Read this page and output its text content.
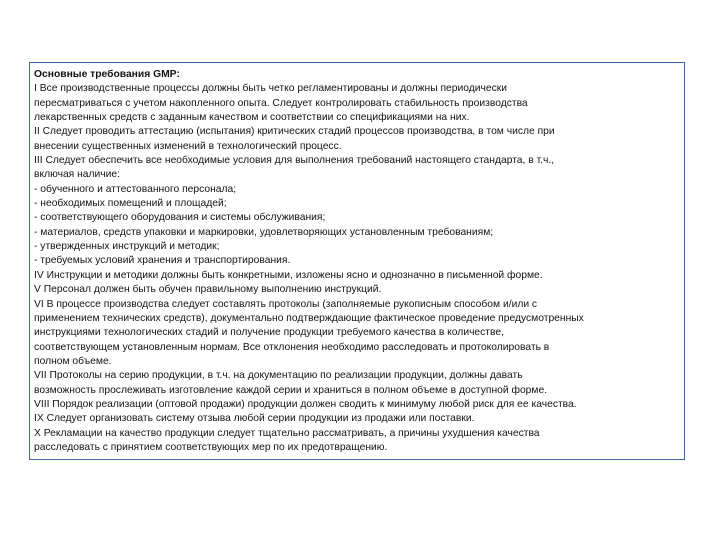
Основные требования GMP:
I Все производственные процессы должны быть четко регламентированы и должны периодически
пересматриваться с учетом накопленного опыта. Следует контролировать стабильность производства
лекарственных средств с заданным качеством и соответствии со спецификациями на них.
II Следует проводить аттестацию (испытания) критических стадий процессов производства, в том числе при
внесении существенных изменений в технологический процесс.
III Следует обеспечить все необходимые условия для выполнения требований настоящего стандарта, в т.ч.,
включая наличие:
- обученного и аттестованного персонала;
- необходимых помещений и площадей;
- соответствующего оборудования и системы обслуживания;
- материалов, средств упаковки и маркировки, удовлетворяющих установленным требованиям;
- утвержденных инструкций и методик;
- требуемых условий хранения и транспортирования.
IV Инструкции и методики должны быть конкретными, изложены ясно и однозначно в письменной форме.
V Персонал должен быть обучен правильному выполнению инструкций.
VI В процессе производства следует составлять протоколы (заполняемые рукописным способом и/или с
применением технических средств), документально подтверждающие фактическое проведение предусмотренных
инструкциями технологических стадий и получение продукции требуемого качества в количестве,
соответствующем установленным нормам. Все отклонения необходимо расследовать и протоколировать в
полном объеме.
VII Протоколы на серию продукции, в т.ч. на документацию по реализации продукции, должны давать
возможность прослеживать изготовление каждой серии и храниться в полном объеме в доступной форме.
VIII Порядок реализации (оптовой продажи) продукции должен сводить к минимуму любой риск для ее качества.
IX Следует организовать систему отзыва любой серии продукции из продажи или поставки.
X Рекламации на качество продукции следует тщательно рассматривать, а причины ухудшения качества
расследовать с принятием соответствующих мер по их предотвращению.
